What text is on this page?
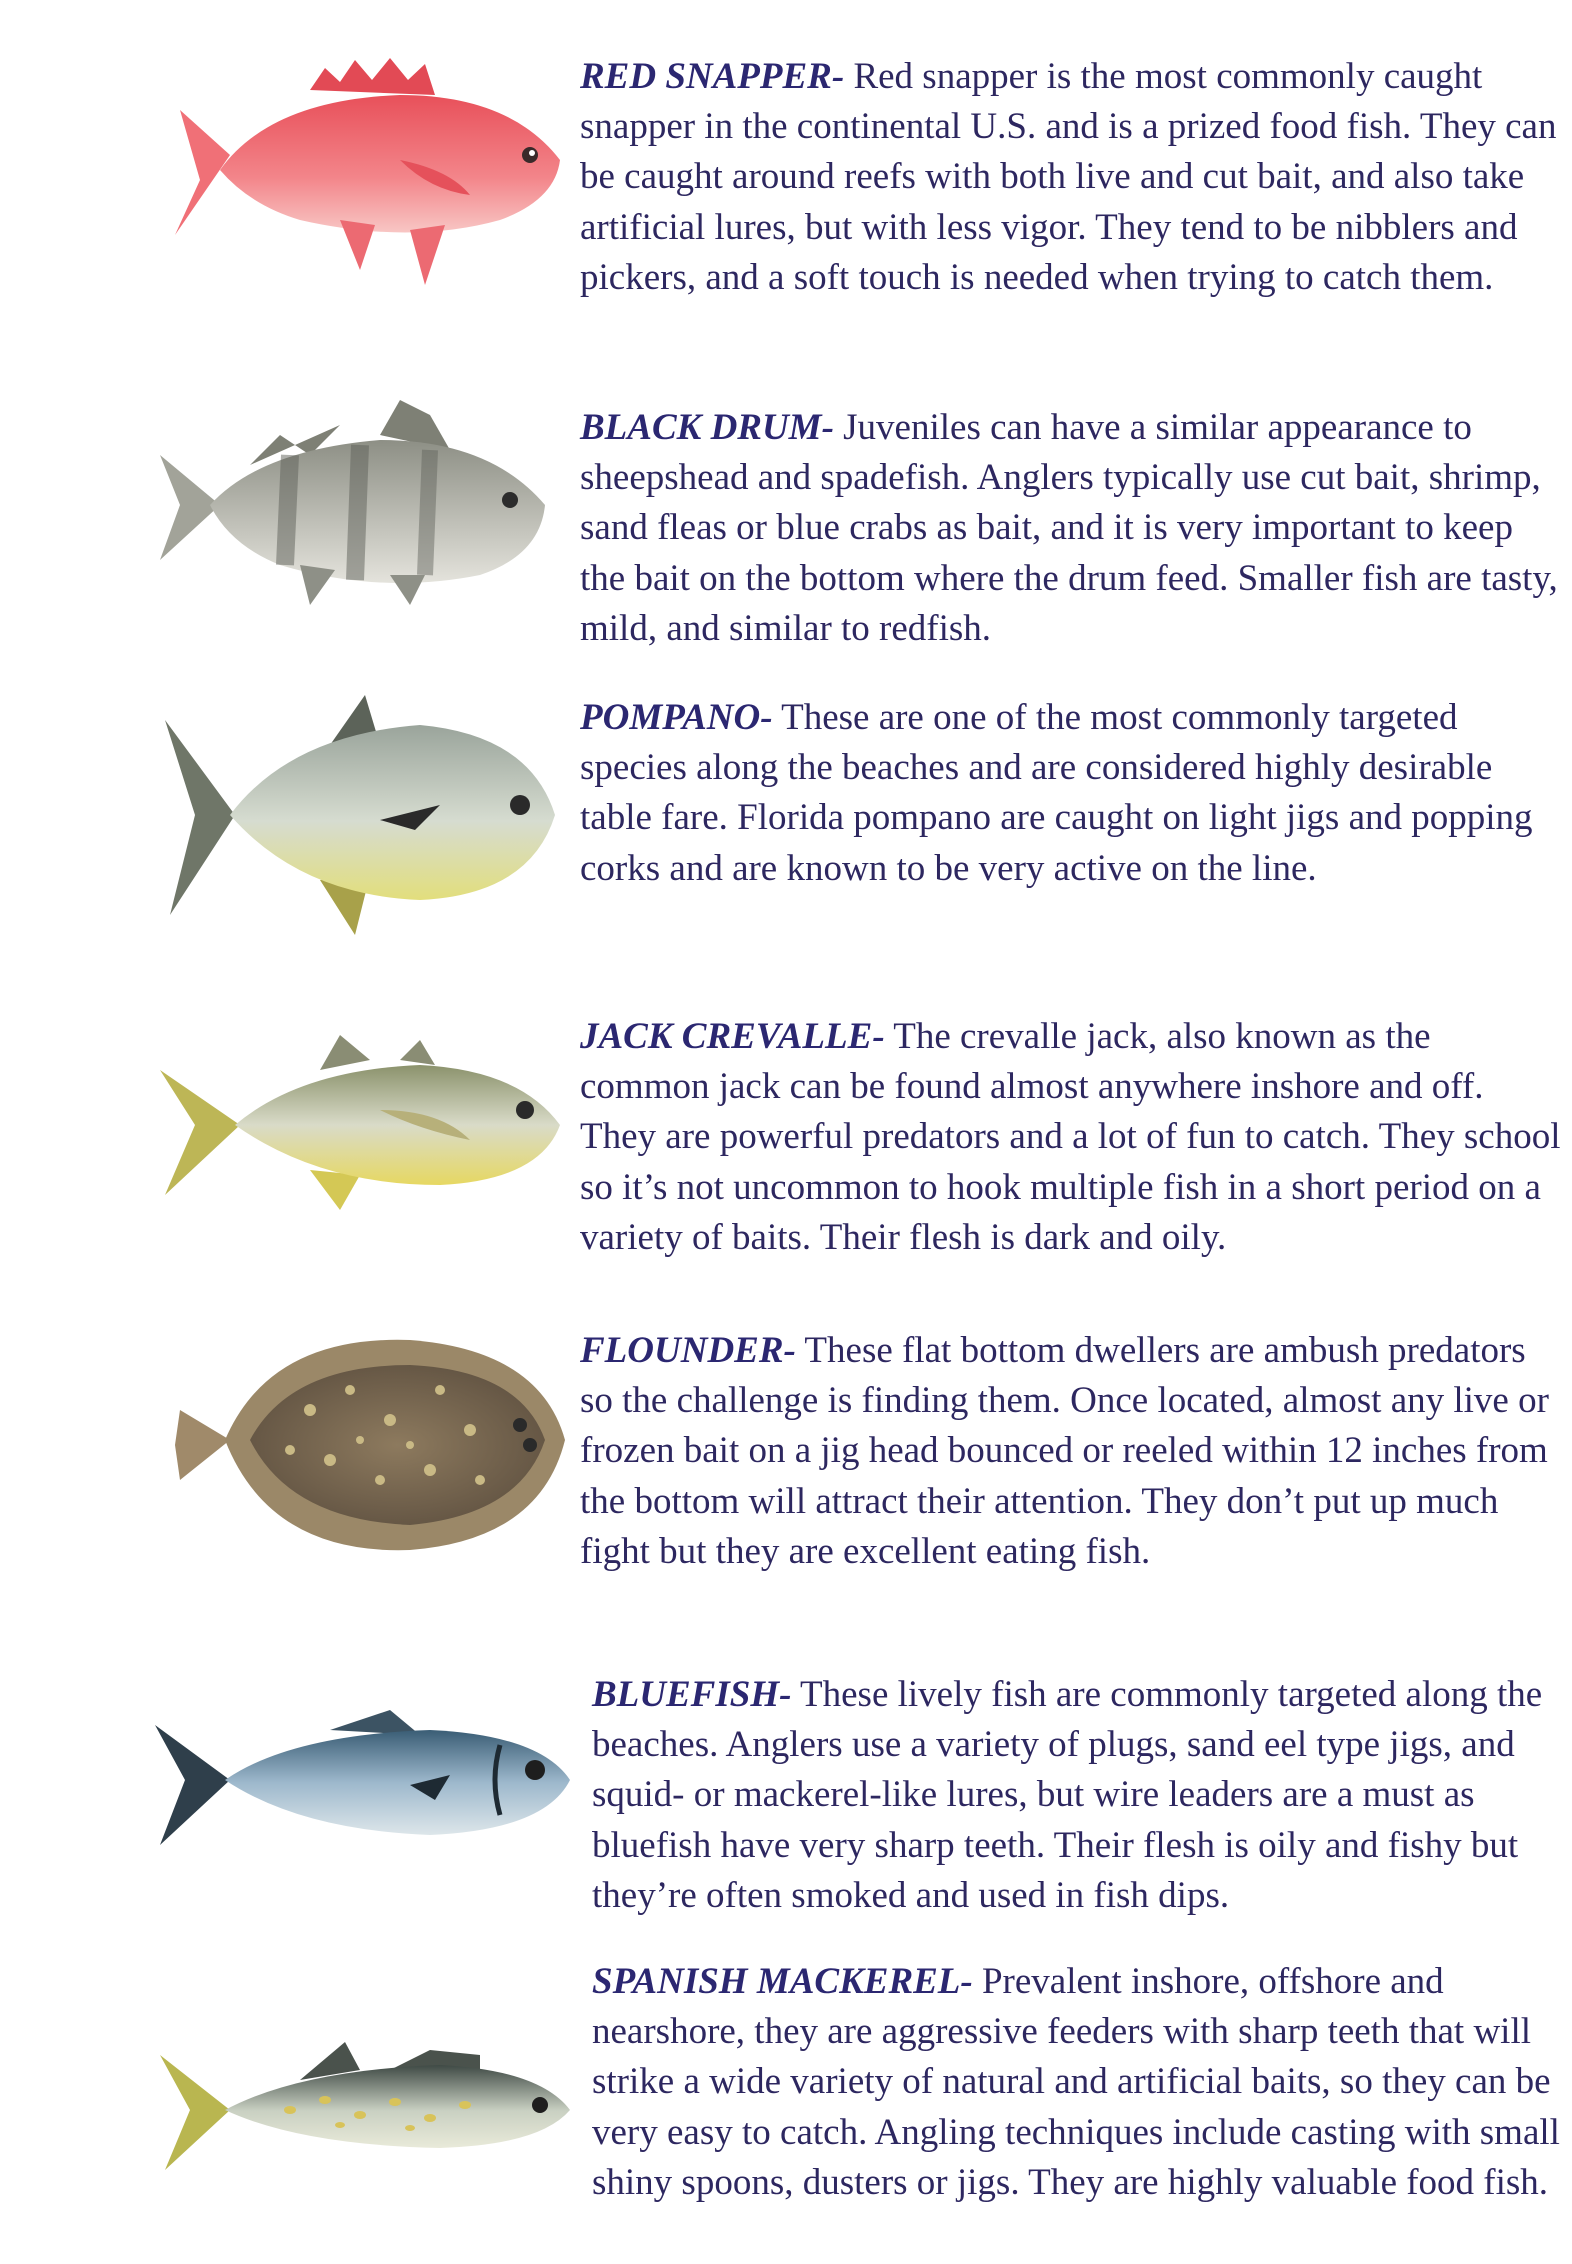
RED SNAPPER- Red snapper is the most commonly caught snapper in the continental U.S. and is a prized food fish. They can be caught around reefs with both live and cut bait, and also take artificial lures, but with less vigor. They tend to be nibblers and pickers, and a soft touch is needed when trying to catch them.
BLACK DRUM- Juveniles can have a similar appearance to sheepshead and spadefish. Anglers typically use cut bait, shrimp, sand fleas or blue crabs as bait, and it is very important to keep the bait on the bottom where the drum feed. Smaller fish are tasty, mild, and similar to redfish.
POMPANO- These are one of the most commonly targeted species along the beaches and are considered highly desirable table fare. Florida pompano are caught on light jigs and popping corks and are known to be very active on the line.
JACK CREVALLE- The crevalle jack, also known as the common jack can be found almost anywhere inshore and off. They are powerful predators and a lot of fun to catch. They school so it’s not uncommon to hook multiple fish in a short period on a variety of baits. Their flesh is dark and oily.
FLOUNDER- These flat bottom dwellers are ambush predators so the challenge is finding them. Once located, almost any live or frozen bait on a jig head bounced or reeled within 12 inches from the bottom will attract their attention. They don’t put up much fight but they are excellent eating fish.
BLUEFISH- These lively fish are commonly targeted along the beaches. Anglers use a variety of plugs, sand eel type jigs, and squid- or mackerel-like lures, but wire leaders are a must as bluefish have very sharp teeth. Their flesh is oily and fishy but they’re often smoked and used in fish dips.
SPANISH MACKEREL- Prevalent inshore, offshore and nearshore, they are aggressive feeders with sharp teeth that will strike a wide variety of natural and artificial baits, so they can be very easy to catch. Angling techniques include casting with small shiny spoons, dusters or jigs. They are highly valuable food fish.
